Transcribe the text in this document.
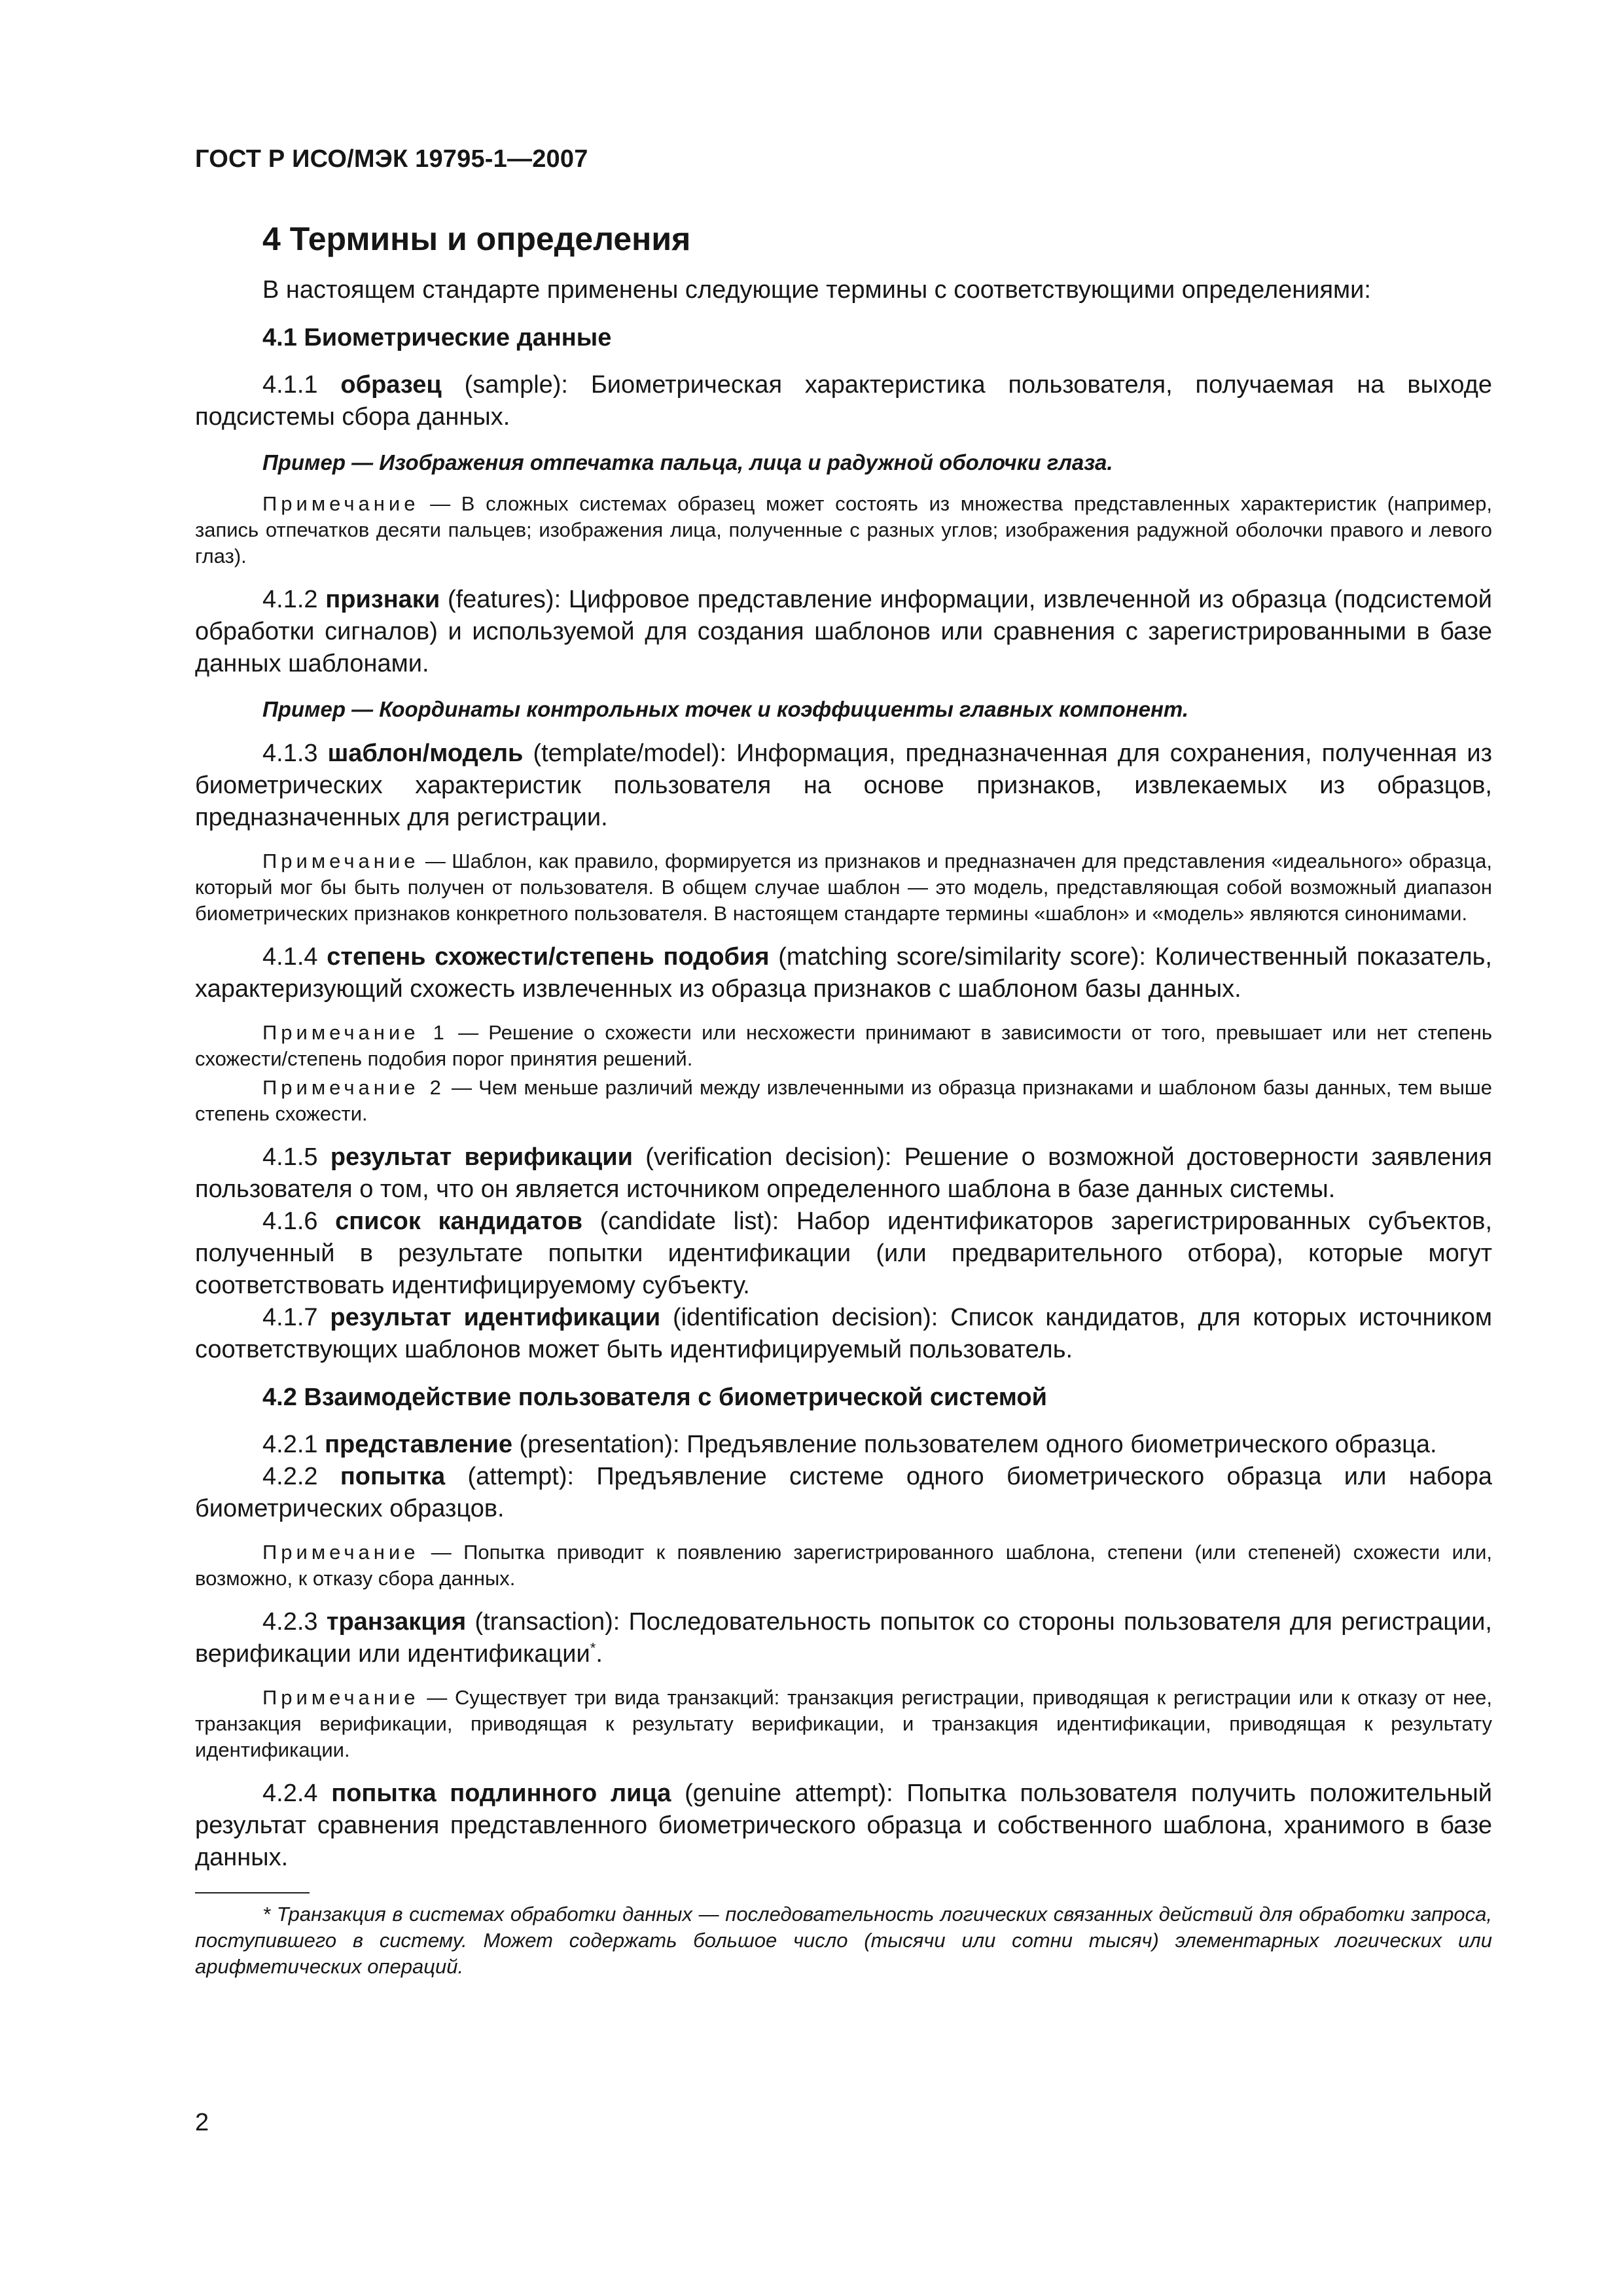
ГОСТ Р ИСО/МЭК 19795-1—2007
4 Термины и определения

В настоящем стандарте применены следующие термины с соответствующими определениями:

4.1 Биометрические данные

4.1.1 образец (sample): Биометрическая характеристика пользователя, получаемая на выходе подсистемы сбора данных.

Пример — Изображения отпечатка пальца, лица и радужной оболочки глаза.

Примечание — В сложных системах образец может состоять из множества представленных характеристик (например, запись отпечатков десяти пальцев; изображения лица, полученные с разных углов; изображения радужной оболочки правого и левого глаз).

4.1.2 признаки (features): Цифровое представление информации, извлеченной из образца (подсистемой обработки сигналов) и используемой для создания шаблонов или сравнения с зарегистрированными в базе данных шаблонами.

Пример — Координаты контрольных точек и коэффициенты главных компонент.

4.1.3 шаблон/модель (template/model): Информация, предназначенная для сохранения, полученная из биометрических характеристик пользователя на основе признаков, извлекаемых из образцов, предназначенных для регистрации.

Примечание — Шаблон, как правило, формируется из признаков и предназначен для представления «идеального» образца, который мог бы быть получен от пользователя. В общем случае шаблон — это модель, представляющая собой возможный диапазон биометрических признаков конкретного пользователя. В настоящем стандарте термины «шаблон» и «модель» являются синонимами.

4.1.4 степень схожести/степень подобия (matching score/similarity score): Количественный показатель, характеризующий схожесть извлеченных из образца признаков с шаблоном базы данных.

Примечание 1 — Решение о схожести или несхожести принимают в зависимости от того, превышает или нет степень схожести/степень подобия порог принятия решений.

Примечание 2 — Чем меньше различий между извлеченными из образца признаками и шаблоном базы данных, тем выше степень схожести.

4.1.5 результат верификации (verification decision): Решение о возможной достоверности заявления пользователя о том, что он является источником определенного шаблона в базе данных системы.

4.1.6 список кандидатов (candidate list): Набор идентификаторов зарегистрированных субъектов, полученный в результате попытки идентификации (или предварительного отбора), которые могут соответствовать идентифицируемому субъекту.

4.1.7 результат идентификации (identification decision): Список кандидатов, для которых источником соответствующих шаблонов может быть идентифицируемый пользователь.

4.2 Взаимодействие пользователя с биометрической системой

4.2.1 представление (presentation): Предъявление пользователем одного биометрического образца.

4.2.2 попытка (attempt): Предъявление системе одного биометрического образца или набора биометрических образцов.

Примечание — Попытка приводит к появлению зарегистрированного шаблона, степени (или степеней) схожести или, возможно, к отказу сбора данных.

4.2.3 транзакция (transaction): Последовательность попыток со стороны пользователя для регистрации, верификации или идентификации*.

Примечание — Существует три вида транзакций: транзакция регистрации, приводящая к регистрации или к отказу от нее, транзакция верификации, приводящая к результату верификации, и транзакция идентификации, приводящая к результату идентификации.

4.2.4 попытка подлинного лица (genuine attempt): Попытка пользователя получить положительный результат сравнения представленного биометрического образца и собственного шаблона, хранимого в базе данных.

* Транзакция в системах обработки данных — последовательность логических связанных действий для обработки запроса, поступившего в систему. Может содержать большое число (тысячи или сотни тысяч) элементарных логических или арифметических операций.

2
